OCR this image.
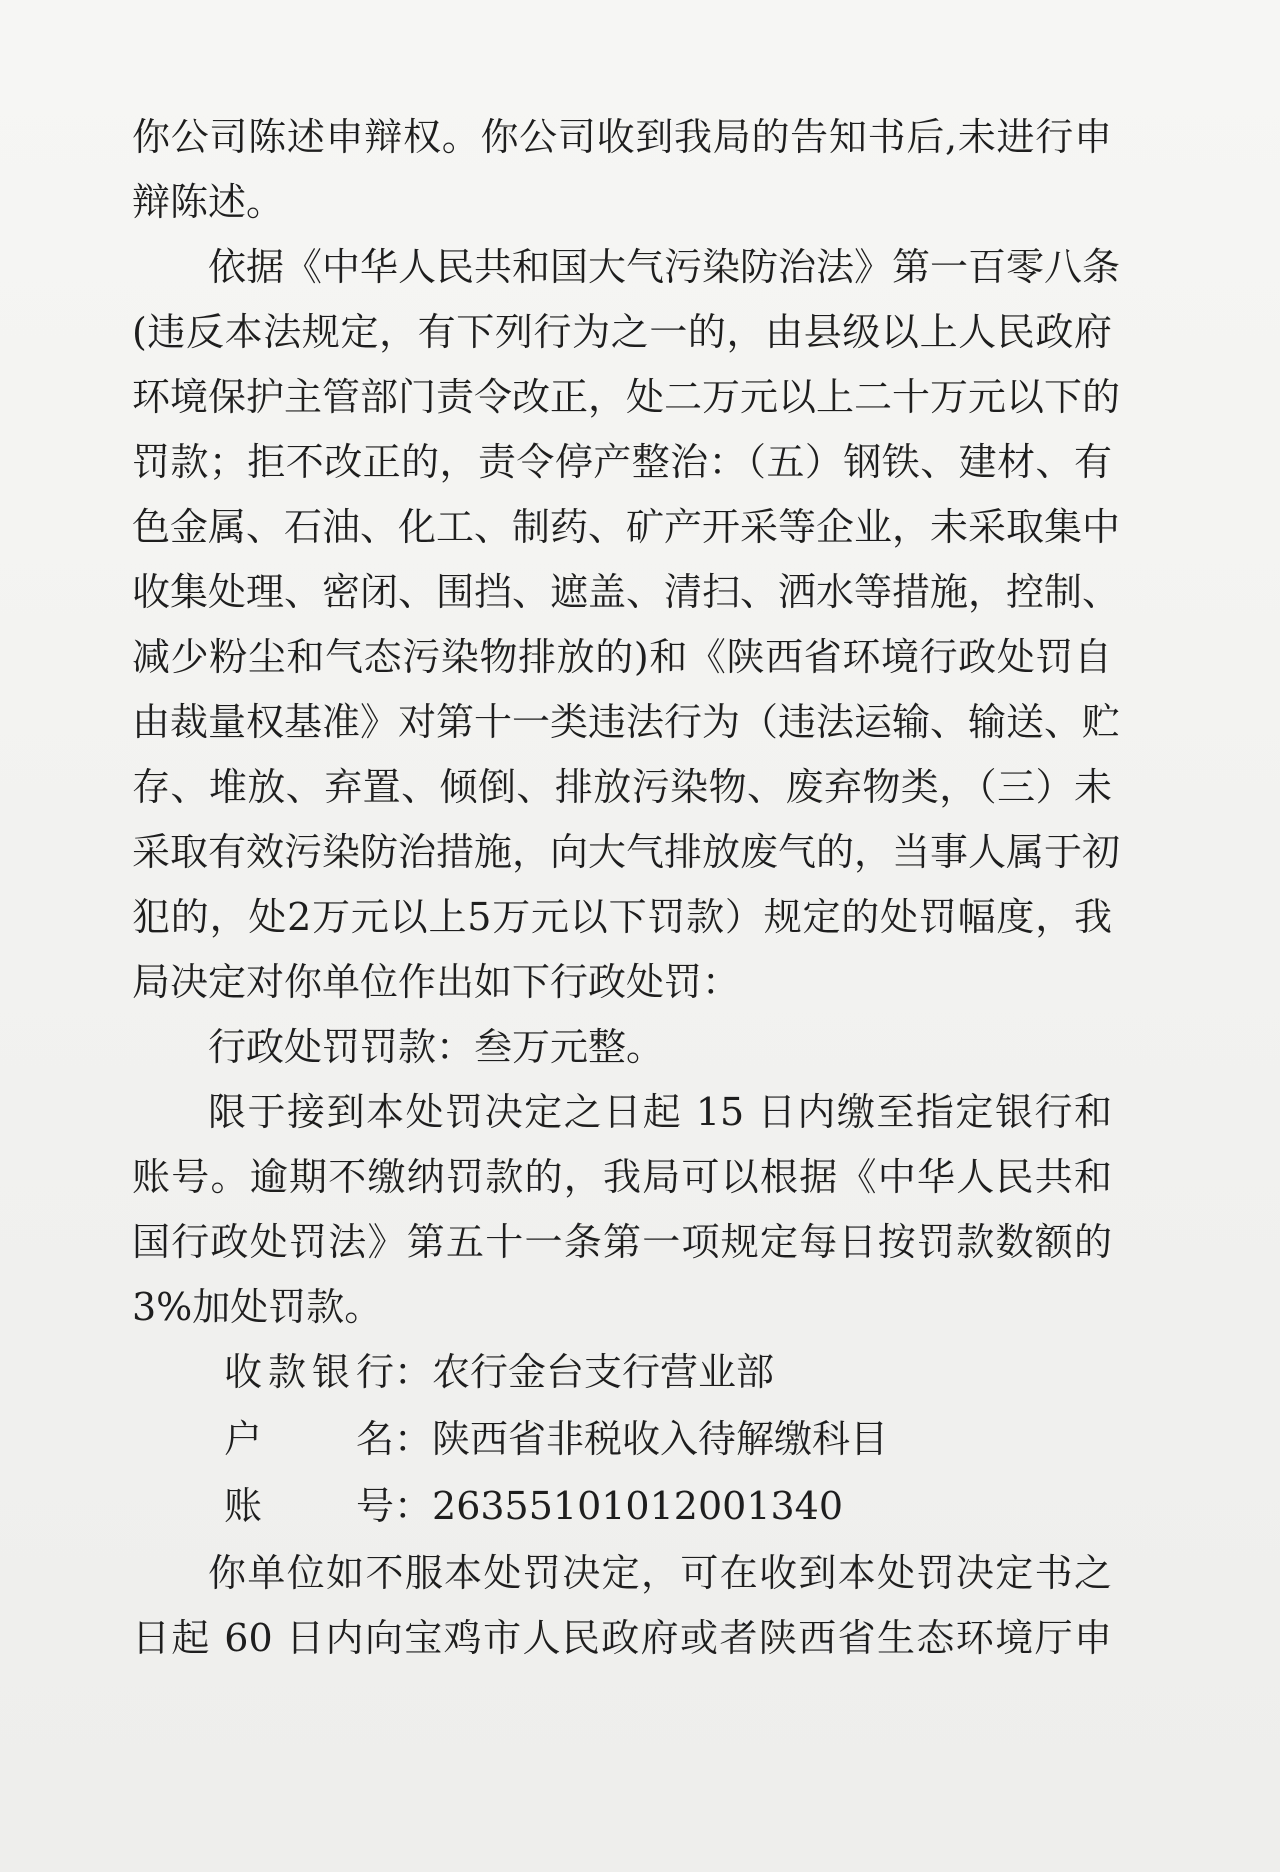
你公司陈述申辩权。你公司收到我局的告知书后,未进行申
辩陈述。
依据《中华人民共和国大气污染防治法》第一百零八条
(违反本法规定，有下列行为之一的，由县级以上人民政府
环境保护主管部门责令改正，处二万元以上二十万元以下的
罚款；拒不改正的，责令停产整治：（五）钢铁、建材、有
色金属、石油、化工、制药、矿产开采等企业，未采取集中
收集处理、密闭、围挡、遮盖、清扫、洒水等措施，控制、
减少粉尘和气态污染物排放的)和《陕西省环境行政处罚自
由裁量权基准》对第十一类违法行为（违法运输、输送、贮
存、堆放、弃置、倾倒、排放污染物、废弃物类，（三）未
采取有效污染防治措施，向大气排放废气的，当事人属于初
犯的，处2万元以上5万元以下罚款）规定的处罚幅度，我
局决定对你单位作出如下行政处罚：
行政处罚罚款：叁万元整。
限于接到本处罚决定之日起 15 日内缴至指定银行和
账号。逾期不缴纳罚款的，我局可以根据《中华人民共和
国行政处罚法》第五十一条第一项规定每日按罚款数额的
3%加处罚款。
收款银行：农行金台支行营业部
户名：陕西省非税收入待解缴科目
账号：26355101012001340
你单位如不服本处罚决定，可在收到本处罚决定书之
日起 60 日内向宝鸡市人民政府或者陕西省生态环境厅申
